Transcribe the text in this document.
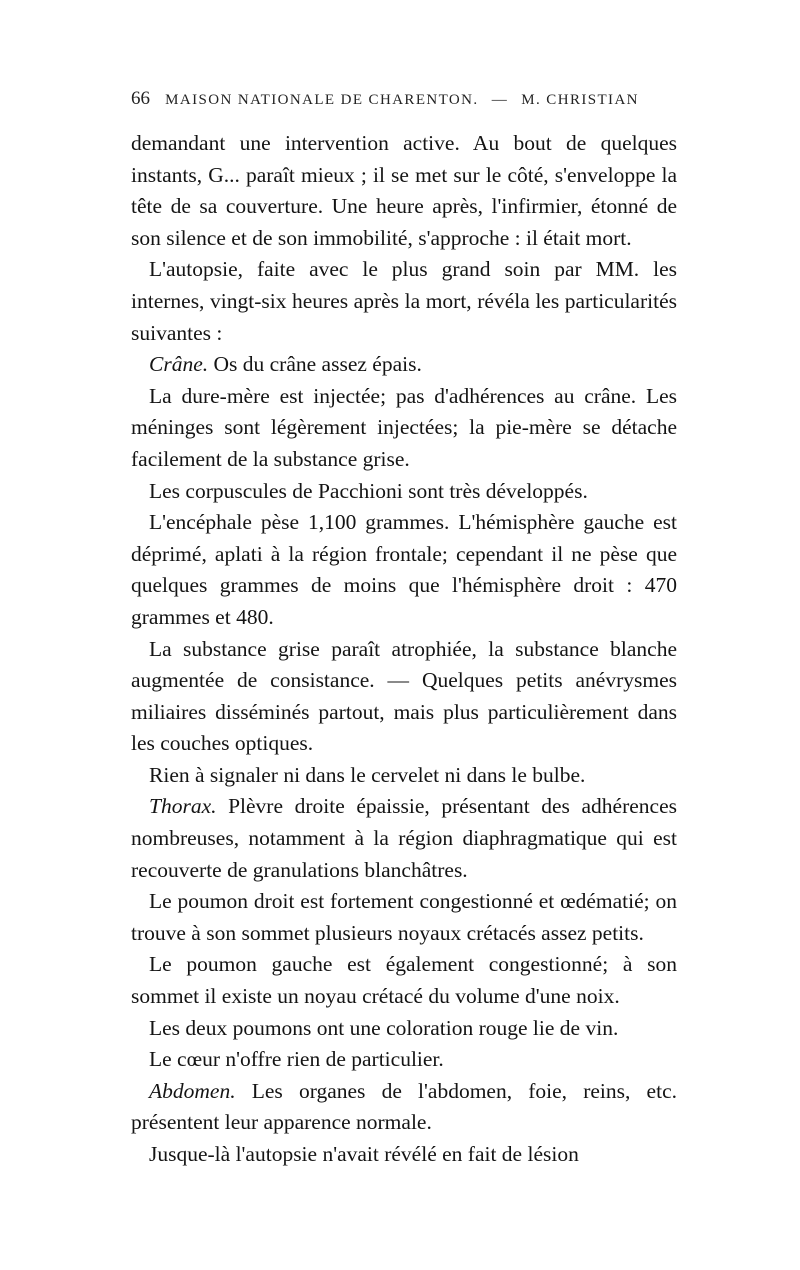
66 MAISON NATIONALE DE CHARENTON. — M. CHRISTIAN

demandant une intervention active. Au bout de quelques instants, G... paraît mieux ; il se met sur le côté, s'enveloppe la tête de sa couverture. Une heure après, l'infirmier, étonné de son silence et de son immobilité, s'approche : il était mort.

L'autopsie, faite avec le plus grand soin par MM. les internes, vingt-six heures après la mort, révéla les particularités suivantes :

Crâne. Os du crâne assez épais.

La dure-mère est injectée; pas d'adhérences au crâne. Les méninges sont légèrement injectées; la pie-mère se détache facilement de la substance grise.

Les corpuscules de Pacchioni sont très développés.

L'encéphale pèse 1,100 grammes. L'hémisphère gauche est déprimé, aplati à la région frontale; cependant il ne pèse que quelques grammes de moins que l'hémisphère droit : 470 grammes et 480.

La substance grise paraît atrophiée, la substance blanche augmentée de consistance. — Quelques petits anévrysmes miliaires disséminés partout, mais plus particulièrement dans les couches optiques.

Rien à signaler ni dans le cervelet ni dans le bulbe.

Thorax. Plèvre droite épaissie, présentant des adhérences nombreuses, notamment à la région diaphragmatique qui est recouverte de granulations blanchâtres.

Le poumon droit est fortement congestionné et œdématié; on trouve à son sommet plusieurs noyaux crétacés assez petits.

Le poumon gauche est également congestionné; à son sommet il existe un noyau crétacé du volume d'une noix.

Les deux poumons ont une coloration rouge lie de vin.

Le cœur n'offre rien de particulier.

Abdomen. Les organes de l'abdomen, foie, reins, etc. présentent leur apparence normale.

Jusque-là l'autopsie n'avait révélé en fait de lésion
